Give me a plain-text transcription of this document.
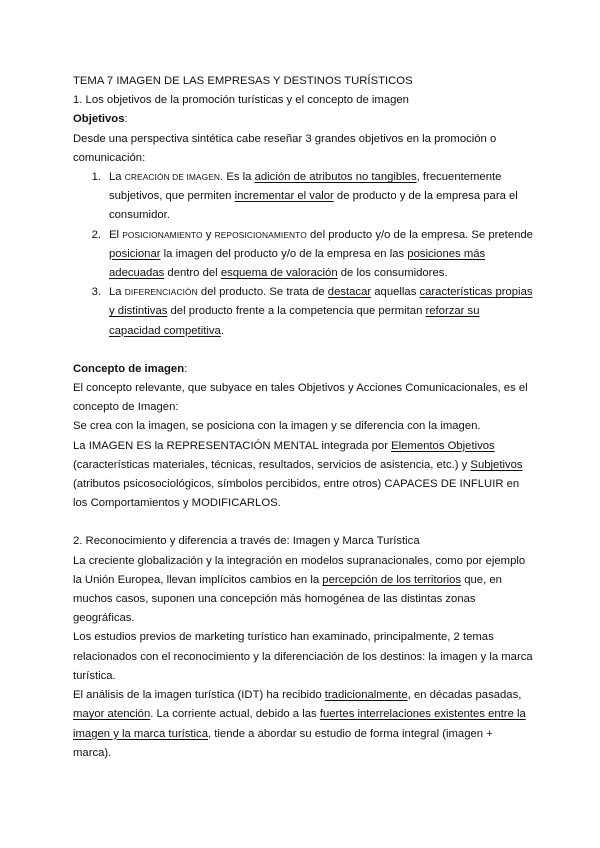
TEMA 7 IMAGEN DE LAS EMPRESAS Y DESTINOS TURÍSTICOS

1. Los objetivos de la promoción turísticas y el concepto de imagen

Objetivos:

Desde una perspectiva sintética cabe reseñar 3 grandes objetivos en la promoción o comunicación:

1. La CREACIÓN DE IMAGEN. Es la adición de atributos no tangibles, frecuentemente subjetivos, que permiten incrementar el valor de producto y de la empresa para el consumidor.
2. El POSICIONAMIENTO y REPOSICIONAMIENTO del producto y/o de la empresa. Se pretende posicionar la imagen del producto y/o de la empresa en las posiciones más adecuadas dentro del esquema de valoración de los consumidores.
3. La DIFERENCIACIÓN del producto. Se trata de destacar aquellas características propias y distintivas del producto frente a la competencia que permitan reforzar su capacidad competitiva.

Concepto de imagen:

El concepto relevante, que subyace en tales Objetivos y Acciones Comunicacionales, es el concepto de Imagen:

Se crea con la imagen, se posiciona con la imagen y se diferencia con la imagen.

La IMAGEN ES la REPRESENTACIÓN MENTAL integrada por Elementos Objetivos (características materiales, técnicas, resultados, servicios de asistencia, etc.) y Subjetivos (atributos psicosociológicos, símbolos percibidos, entre otros) CAPACES DE INFLUIR en los Comportamientos y MODIFICARLOS.

2. Reconocimiento y diferencia a través de: Imagen y Marca Turística

La creciente globalización y la integración en modelos supranacionales, como por ejemplo la Unión Europea, llevan implícitos cambios en la percepción de los territorios que, en muchos casos, suponen una concepción más homogénea de las distintas zonas geográficas.

Los estudios previos de marketing turístico han examinado, principalmente, 2 temas relacionados con el reconocimiento y la diferenciación de los destinos: la imagen y la marca turística.

El análisis de la imagen turística (IDT) ha recibido tradicionalmente, en décadas pasadas, mayor atención. La corriente actual, debido a las fuertes interrelaciones existentes entre la imagen y la marca turística, tiende a abordar su estudio de forma integral (imagen + marca).
